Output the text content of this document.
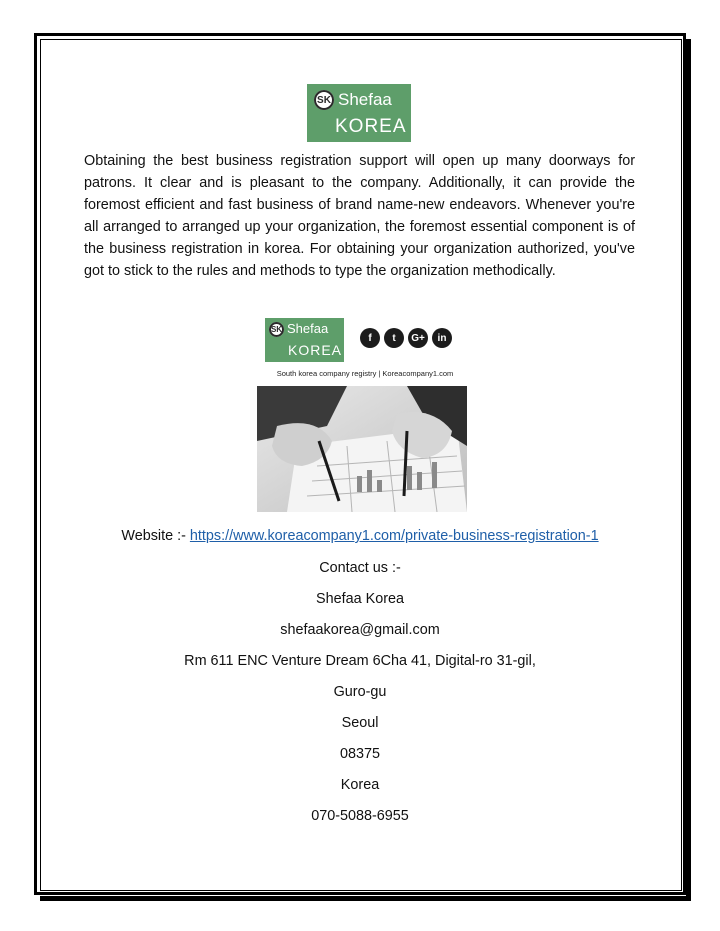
SK Shefaa
KOREA

Obtaining the best business registration support will open up many doorways for patrons. It clear and is pleasant to the company. Additionally, it can provide the foremost efficient and fast business of brand name-new endeavors. Whenever you're all arranged to arranged up your organization, the foremost essential component is of the business registration in korea. For obtaining your organization authorized, you've got to stick to the rules and methods to type the organization methodically.

SK Shefaa
KOREA
f	t	G+	in
South korea company registry | Koreacompany1.com
Website :- https://www.koreacompany1.com/private-business-registration-1
Contact us :-
Shefaa Korea
shefaakorea@gmail.com
Rm 611 ENC Venture Dream 6Cha 41, Digital-ro 31-gil,
Guro-gu
Seoul
08375
Korea
070-5088-6955
